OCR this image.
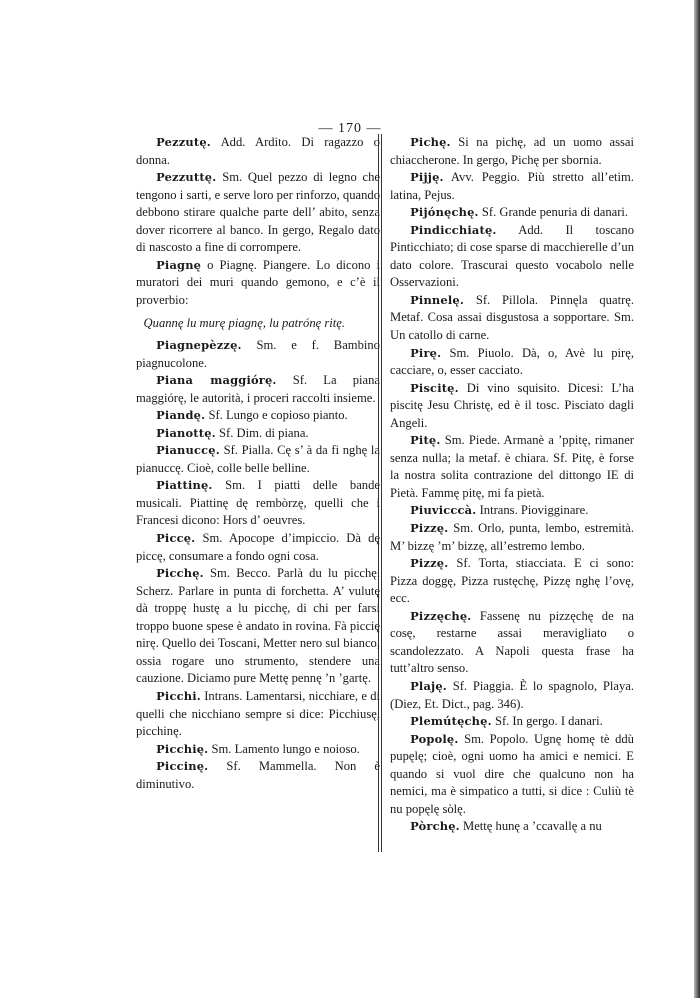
— 170 —

Pezzutę. Add. Ardito. Di ragazzo o donna.

Pezzuttę. Sm. Quel pezzo di legno che tengono i sarti, e serve loro per rinforzo, quando debbono stirare qualche parte dell’ abito, senza dover ricorrere al banco. In gergo, Regalo dato di nascosto a fine di corrompere.

Piagnę o Piagnę. Piangere. Lo dicono i muratori dei muri quando gemono, e c’è il proverbio:

Quannę lu murę piagnę, lu patrónę ritę.

Piagnepèzzę. Sm. e f. Bambino piagnucolone.

Piana maggiórę. Sf. La piana maggiórę, le autorità, i proceri raccolti insieme.

Piandę. Sf. Lungo e copioso pianto.

Pianottę. Sf. Dim. di piana.

Pianuccę. Sf. Pialla. Cę s’ à da fi nghę la pianuccę. Cioè, colle belle belline.

Piattinę. Sm. I piatti delle bande musicali. Piattinę dę rembòrzę, quelli che i Francesi dicono: Hors d’ oeuvres.

Piccę. Sm. Apocope d’impiccio. Dà dę piccę, consumare a fondo ogni cosa.

Picchę. Sm. Becco. Parlà du lu picchę. Scherz. Parlare in punta di forchetta. A’ vulutę dà troppę hustę a lu picchę, di chi per farsi troppo buone spese è andato in rovina. Fà piccię nirę. Quello dei Toscani, Metter nero sul bianco, ossia rogare uno strumento, stendere una cauzione. Diciamo pure Mettę pennę ’n ’gartę.

Picchi. Intrans. Lamentarsi, nicchiare, e di quelli che nicchiano sempre si dice: Picchiusę, picchinę.

Picchię. Sm. Lamento lungo e noioso.

Piccinę. Sf. Mammella. Non è diminutivo.

Pichę. Si na pichę, ad un uomo assai chiaccherone. In gergo, Pichę per sbornia.

Pijję. Avv. Peggio. Più stretto all’etim. latina, Pejus.

Pijónęchę. Sf. Grande penuria di danari.

Pindicchiatę. Add. Il toscano Pinticchiato; di cose sparse di macchierelle d’un dato colore. Trascurai questo vocabolo nelle Osservazioni.

Pinnelę. Sf. Pillola. Pinnęla quatrę. Metaf. Cosa assai disgustosa a sopportare. Sm. Un catollo di carne.

Pirę. Sm. Piuolo. Dà, o, Avè lu pirę, cacciare, o, esser cacciato.

Piscitę. Di vino squisito. Dicesi: L’ha piscitę Jesu Christę, ed è il tosc. Pisciato dagli Angeli.

Pitę. Sm. Piede. Armanè a ’ppitę, rimaner senza nulla; la metaf. è chiara. Sf. Pitę, è forse la nostra solita contrazione del dittongo IE di Pietà. Fammę pitę, mi fa pietà.

Piuvicccà. Intrans. Piovigginare.

Pizzę. Sm. Orlo, punta, lembo, estremità. M’ bizzę ’m’ bizzę, all’estremo lembo.

Pizzę. Sf. Torta, stiacciata. E ci sono: Pizza doggę, Pizza rustęchę, Pizzę nghę l’ovę, ecc.

Pizzęchę. Fassenę nu pizzęchę de na cosę, restarne assai meravigliato o scandolezzato. A Napoli questa frase ha tutt’altro senso.

Plaję. Sf. Piaggia. È lo spagnolo, Playa. (Diez, Et. Dict., pag. 346).

Plemútęchę. Sf. In gergo. I danari.

Popolę. Sm. Popolo. Ugnę homę tè ddù pupęlę; cioè, ogni uomo ha amici e nemici. E quando si vuol dire che qualcuno non ha nemici, ma è simpatico a tutti, si dice : Culiù tè nu popęlę sòlę.

Pòrchę. Mettę hunę a ’ccavallę a nu
